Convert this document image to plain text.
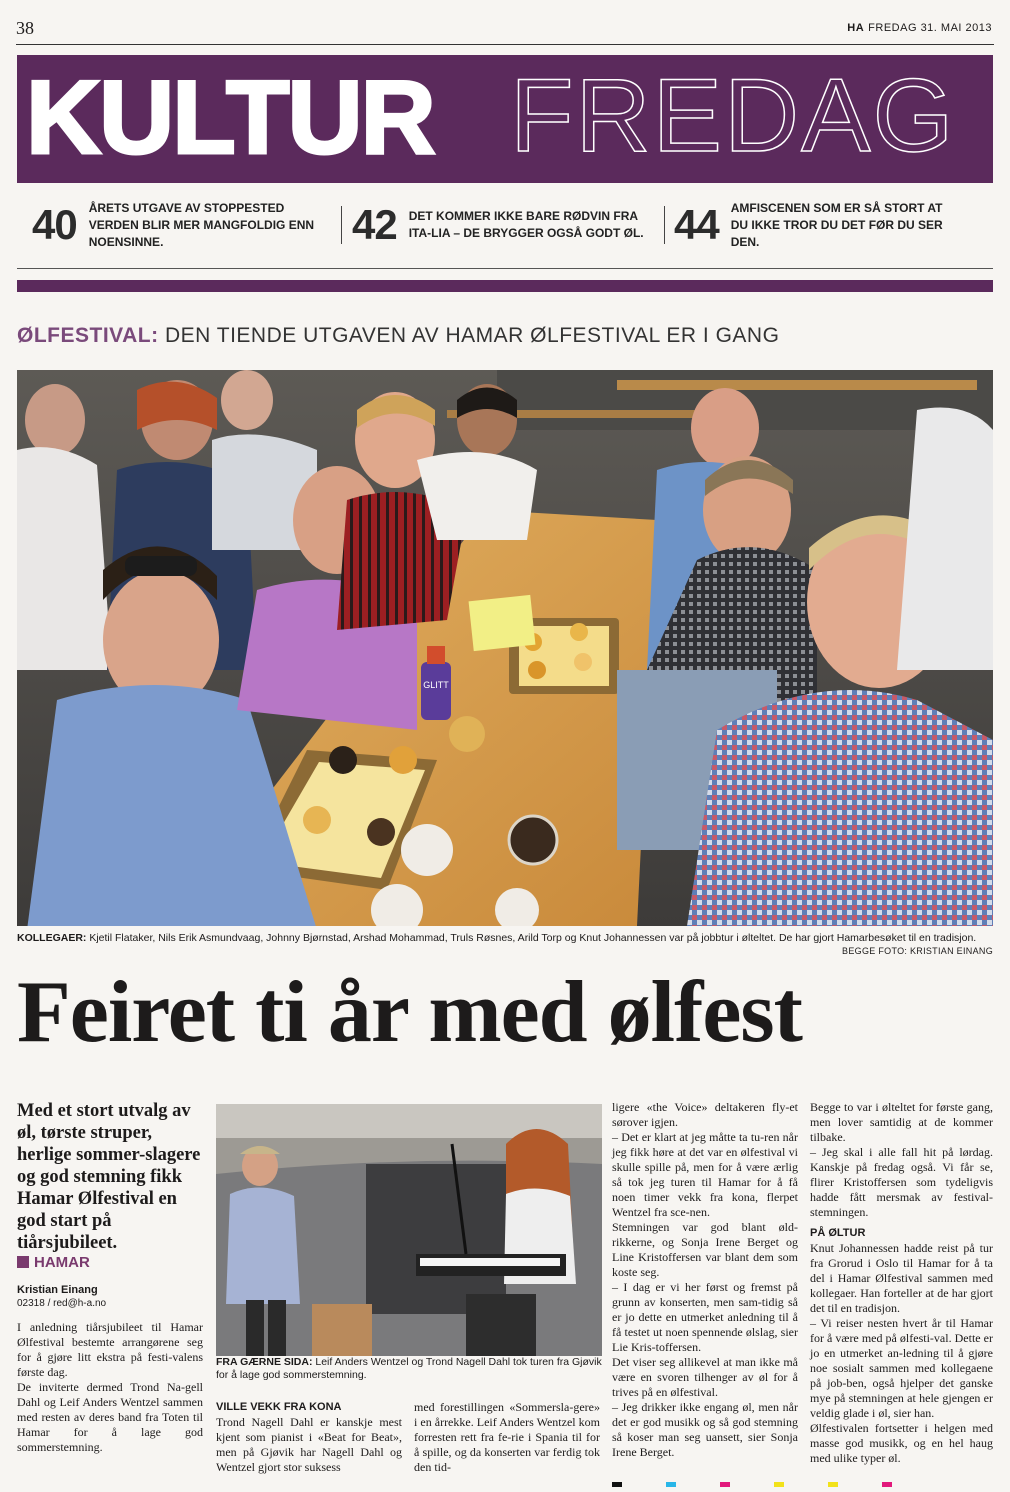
38	HA FREDAG 31. MAI 2013
KULTUR FREDAG
40 ÅRETS UTGAVE AV STOPPESTED VERDEN BLIR MER MANGFOLDIG ENN NOENSINNE.	42 DET KOMMER IKKE BARE RØDVIN FRA ITA-LIA – DE BRYGGER OGSÅ GODT ØL. 44 AMFISCENEN SOM ER SÅ STORT AT DU IKKE TROR DU DET FØR DU SER DEN.
ØLFESTIVAL: DEN TIENDE UTGAVEN AV HAMAR ØLFESTIVAL ER I GANG
GLITT
KOLLEGAER: Kjetil Flataker, Nils Erik Asmundvaag, Johnny Bjørnstad, Arshad Mohammad, Truls Røsnes, Arild Torp og Knut Johannessen var på jobbtur i ølteltet. De har gjort Hamarbesøket til en tradisjon.
BEGGE FOTO: KRISTIAN EINANG
Feiret ti år med ølfest
Med et stort utvalg av øl, tørste struper, herlige sommer-slagere og god stemning fikk Hamar Ølfestival en god start på tiårsjubileet.
HAMAR
Kristian Einang
02318 / red@h-a.no

I anledning tiårsjubileet til Hamar Ølfestival bestemte arrangørene seg for å gjøre litt ekstra på festi-valens første dag.

De inviterte dermed Trond Na-gell Dahl og Leif Anders Wentzel sammen med resten av deres band fra Toten til Hamar for å lage god sommerstemning.

FRA GÆRNE SIDA: Leif Anders Wentzel og Trond Nagell Dahl tok turen fra Gjøvik for å lage god sommerstemning.

VILLE VEKK FRA KONA

Trond Nagell Dahl er kanskje mest kjent som pianist i «Beat for Beat», men på Gjøvik har Nagell Dahl og Wentzel gjort stor suksess

med forestillingen «Sommersla-gere» i en årrekke. Leif Anders Wentzel kom forresten rett fra fe-rie i Spania til for å spille, og da konserten var ferdig tok den tid-

ligere «the Voice» deltakeren fly-et sørover igjen.

– Det er klart at jeg måtte ta tu-ren når jeg fikk høre at det var en ølfestival vi skulle spille på, men for å være ærlig så tok jeg turen til Hamar for å få noen timer vekk fra kona, flerpet Wentzel fra sce-nen.

Stemningen var god blant øld-rikkerne, og Sonja Irene Berget og Line Kristoffersen var blant dem som koste seg.

– I dag er vi her først og fremst på grunn av konserten, men sam-tidig så er jo dette en utmerket anledning til å få testet ut noen spennende ølslag, sier Lie Kris-toffersen.

Det viser seg allikevel at man ikke må være en svoren tilhenger av øl for å trives på en ølfestival.

– Jeg drikker ikke engang øl, men når det er god musikk og så god stemning så koser man seg uansett, sier Sonja Irene Berget.

Begge to var i ølteltet for første gang, men lover samtidig at de kommer tilbake.

– Jeg skal i alle fall hit på lørdag. Kanskje på fredag også. Vi får se, flirer Kristoffersen som tydeligvis hadde fått mersmak av festival-stemningen.

PÅ ØLTUR

Knut Johannessen hadde reist på tur fra Grorud i Oslo til Hamar for å ta del i Hamar Ølfestival sammen med kollegaer. Han forteller at de har gjort det til en tradisjon.

– Vi reiser nesten hvert år til Hamar for å være med på ølfesti-val. Dette er jo en utmerket an-ledning til å gjøre noe sosialt sammen med kollegaene på job-ben, også hjelper det ganske mye på stemningen at hele gjengen er veldig glade i øl, sier han.

Ølfestivalen fortsetter i helgen med masse god musikk, og en hel haug med ulike typer øl.
